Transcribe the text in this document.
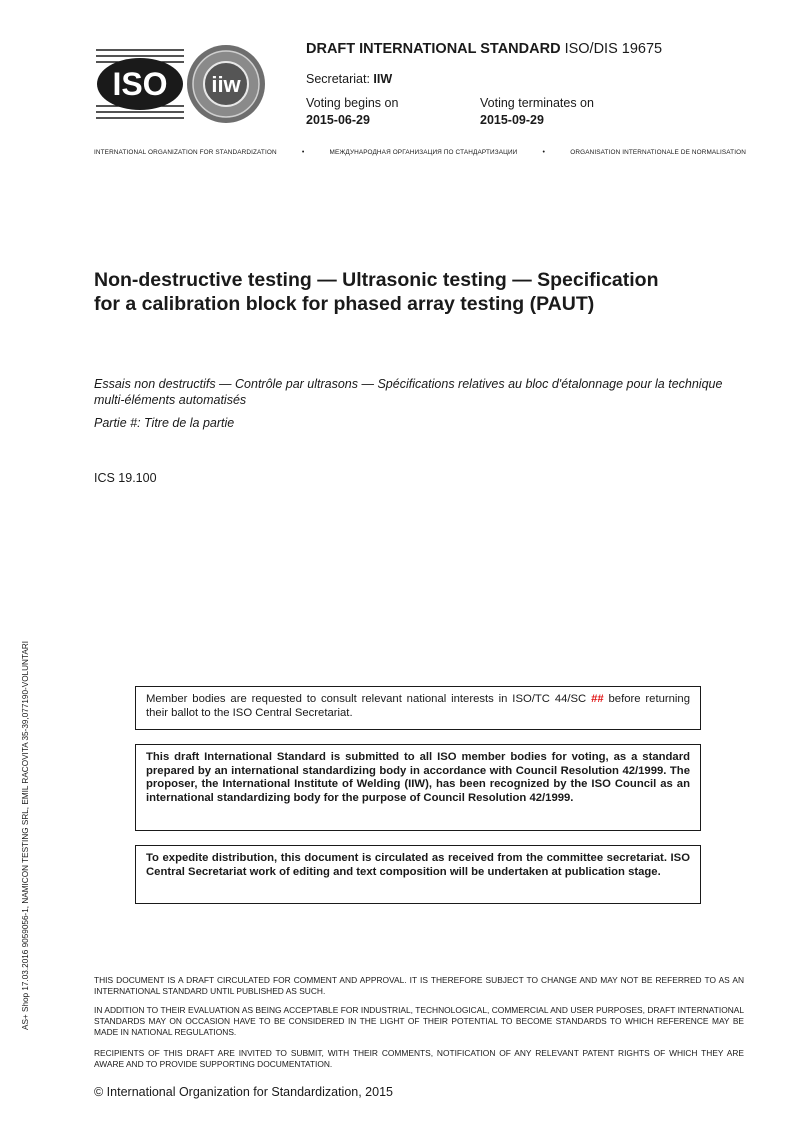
ISO iiw
DRAFT INTERNATIONAL STANDARD ISO/DIS 19675
Secretariat: IIW
Voting begins on
2015-06-29
Voting terminates on
2015-09-29
INTERNATIONAL ORGANIZATION FOR STANDARDIZATION	•	МЕЖДУНАРОДНАЯ ОРГАНИЗАЦИЯ ПО СТАНДАРТИЗАЦИИ	•	ORGANISATION INTERNATIONALE DE NORMALISATION
Non-destructive testing — Ultrasonic testing — Specification
for a calibration block for phased array testing (PAUT)
Essais non destructifs — Contrôle par ultrasons — Spécifications relatives au bloc d'étalonnage pour la technique multi-éléments automatisés
Partie #: Titre de la partie
ICS 19.100
Member bodies are requested to consult relevant national interests in ISO/TC 44/SC ## before returning their ballot to the ISO Central Secretariat.
This draft International Standard is submitted to all ISO member bodies for voting, as a standard prepared by an international standardizing body in accordance with Council Resolution 42/1999. The proposer, the International Institute of Welding (IIW), has been recognized by the ISO Council as an international standardizing body for the purpose of Council Resolution 42/1999.
To expedite distribution, this document is circulated as received from the committee secretariat. ISO Central Secretariat work of editing and text composition will be undertaken at publication stage.
AS+ Shop 17.03.2016 9059056-1, NAMICON TESTING SRL, EMIL RACOVITA 35-39,077190-VOLUNTARI	THIS DOCUMENT IS A DRAFT CIRCULATED FOR COMMENT AND APPROVAL. IT IS THEREFORE SUBJECT TO CHANGE AND MAY NOT BE REFERRED TO AS AN INTERNATIONAL STANDARD UNTIL PUBLISHED AS SUCH.
IN ADDITION TO THEIR EVALUATION AS BEING ACCEPTABLE FOR INDUSTRIAL, TECHNOLOGICAL, COMMERCIAL AND USER PURPOSES, DRAFT INTERNATIONAL STANDARDS MAY ON OCCASION HAVE TO BE CONSIDERED IN THE LIGHT OF THEIR POTENTIAL TO BECOME STANDARDS TO WHICH REFERENCE MAY BE MADE IN NATIONAL REGULATIONS.
RECIPIENTS OF THIS DRAFT ARE INVITED TO SUBMIT, WITH THEIR COMMENTS, NOTIFICATION OF ANY RELEVANT PATENT RIGHTS OF WHICH THEY ARE AWARE AND TO PROVIDE SUPPORTING DOCUMENTATION.
© International Organization for Standardization, 2015
